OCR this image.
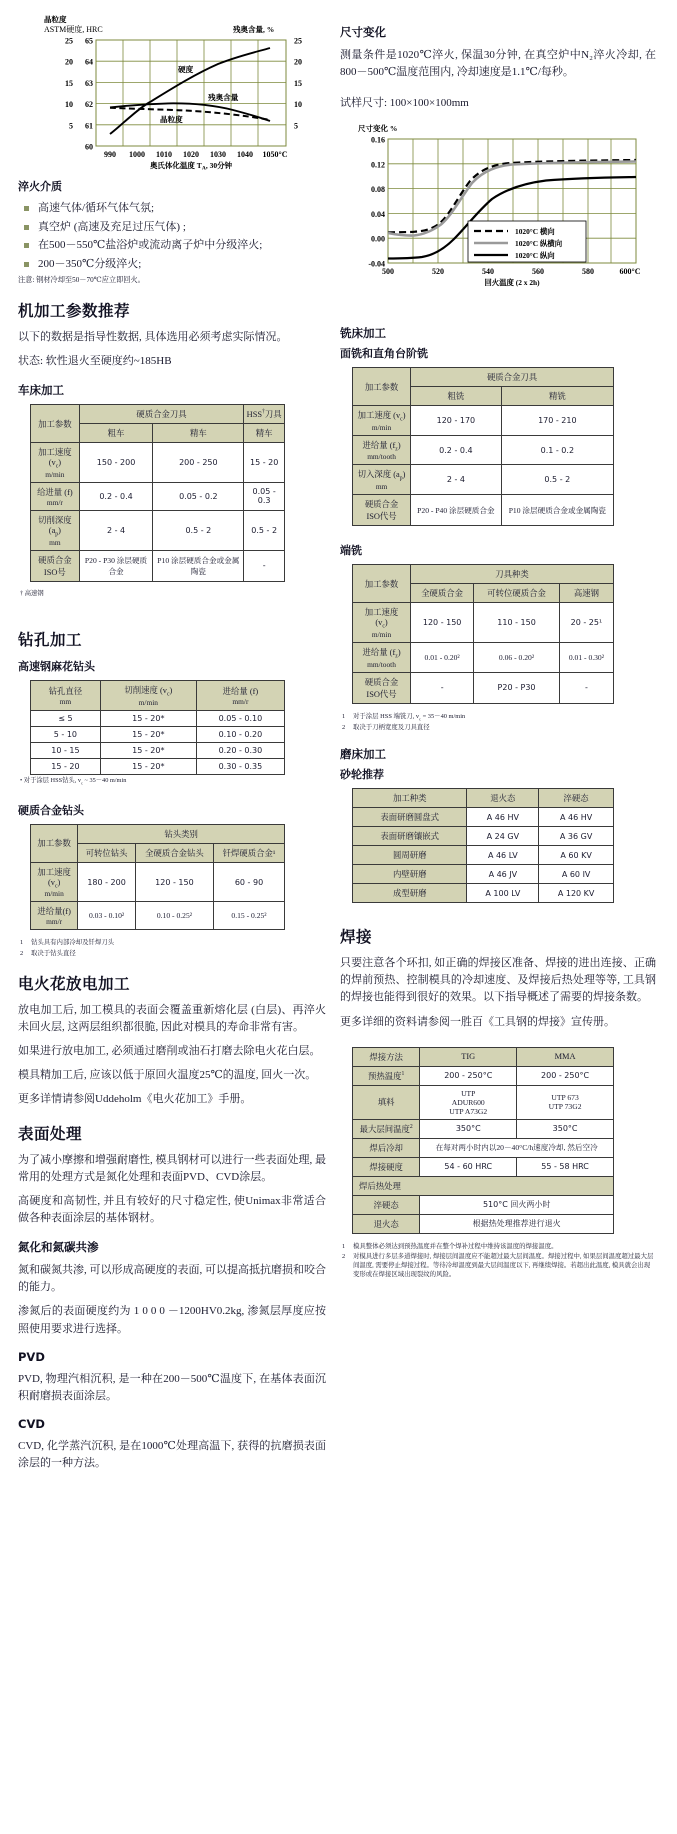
晶粒度
ASTM硬度, HRC	残奥含量, %
65
64
63
62
61
60
25
20
15
10
5
25
20
15
10
5
硬度
残奥含量
晶粒度
990 1000 1010 1020 1030 1040 1050°C
奥氏体化温度 $T_A$, 30分钟
淬火介质
高速气体/循环气体气氛;
真空炉 (高速及充足过压气体) ;
在500－550℃盐浴炉或流动离子炉中分级淬火;
200－350℃分级淬火;

注意: 钢材冷却至50－70℃应立即回火。

机加工参数推荐

以下的数据是指导性数据, 具体选用必须考虑实际情况。

状态: 软性退火至硬度约~185HB

车床加工
加工参数	硬质合金刀具		HSS†刀具
	粗车	精车	精车
加工速度
$(v_c)$
m/min	150 - 200	200 - 250	15 - 20
给进量 (f)
mm/r	0.2 - 0.4	0.05 - 0.2	0.05 - 0.3
切削深度 $(a_p)$
mm	2 - 4	0.5 - 2	0.5 - 2
硬质合金
ISO号	P20 - P30 涂层硬质合金	P10 涂层硬质合金或金属陶瓷	-

† 高速钢

钻孔加工
高速钢麻花钻头
钻孔直径
mm	切削速度 $(v_c)$
m/min	进给量 (f)
mm/r
≤ 5	15 - 20*	0.05 - 0.10
5 - 10	15 - 20*	0.10 - 0.20
10 - 15	15 - 20*	0.20 - 0.30
15 - 20	15 - 20*	0.30 - 0.35

• 对于涂层 HSS钻头, $v_c$ ~ 35－40 m/min

硬质合金钻头
加工参数	钻头类别		
	可转位钻头	全硬质合金钻头	钎焊硬质合金¹
加工速度
$(v_c)$
m/min	180 - 200	120 - 150	60 - 90
进给量(f)
mm/r	0.03 - 0.10²	0.10 - 0.25²	0.15 - 0.25²
1	钻头具有内部冷却及钎焊刀头
2	取决于钻头直径
电火花放电加工

放电加工后, 加工模具的表面会覆盖重新熔化层 (白层)、再淬火未回火层, 这两层组织都很脆, 因此对模具的寿命非常有害。

如果进行放电加工, 必须通过磨削或油石打磨去除电火花白层。

模具精加工后, 应该以低于原回火温度25℃的温度, 回火一次。

更多详情请参阅Uddeholm《电火花加工》手册。

表面处理

为了减小摩擦和增强耐磨性, 模具钢材可以进行一些表面处理, 最常用的处理方式是氮化处理和表面PVD、CVD涂层。

高硬度和高韧性, 并且有较好的尺寸稳定性, 使Unimax非常适合做各种表面涂层的基体钢材。

氮化和氮碳共渗

氮和碳氮共渗, 可以形成高硬度的表面, 可以提高抵抗磨损和咬合的能力。

渗氮后的表面硬度约为 1 0 0 0 －1200HV0.2kg, 渗氮层厚度应按照使用要求进行选择。

PVD

PVD, 物理汽相沉积, 是一种在200－500℃温度下, 在基体表面沉积耐磨损表面涂层。

CVD

CVD, 化学蒸汽沉积, 是在1000℃处理高温下, 获得的抗磨损表面涂层的一种方法。

尺寸变化

测量条件是1020℃淬火, 保温30分钟, 在真空炉中N₂淬火冷却, 在800－500℃温度范围内, 冷却速度是1.1℃/每秒。

试样尺寸: 100×100×100mm

尺寸变化 %
0.16
0.12
0.08
0.04
0.00
-0.04
1020°C 横向
1020°C 纵横向
1020°C 纵向
500	520	540	560	580	600°C
回火温度 (2 x 2h)
铣床加工
面铣和直角台阶铣
加工参数	硬质合金刀具	
	粗铣	精铣
加工速度 $(v_c)$
m/min	120 - 170	170 - 210
进给量 $(f_z)$
mm/tooth	0.2 - 0.4	0.1 - 0.2
切入深度 $(a_p)$
mm	2 - 4	0.5 - 2
硬质合金
ISO代号	P20 - P40 涂层硬质合金	P10 涂层硬质合金或金属陶瓷
端铣
加工参数	刀具种类		
	全硬质合金	可转位硬质合金	高速钢
加工速度
$(v_c)$
m/min	120 - 150	110 - 150	20 - 25¹
进给量 $(f_z)$
mm/tooth	0.01 - 0.20²	0.06 - 0.20²	0.01 - 0.30²
硬质合金
ISO代号	-	P20 - P30	-
1	对于涂层 HSS 端铣刀, $v_c = 35-40$ m/min
2	取决于刀柄宽度及刀具直径
磨床加工
砂轮推荐
加工种类	退火态	淬硬态
表面研磨圆盘式	A 46 HV	A 46 HV
表面研磨镶嵌式	A 24 GV	A 36 GV
圆周研磨	A 46 LV	A 60 KV
内壁研磨	A 46 JV	A 60 IV
成型研磨	A 100 LV	A 120 KV
焊接

只要注意各个环扣, 如正确的焊接区准备、焊接的进出连接、正确的焊前预热、控制模具的冷却速度、及焊接后热处理等等, 工具钢的焊接也能得到很好的效果。以下指导概述了需要的焊接条数。

更多详细的资料请参阅一胜百《工具钢的焊接》宣传册。

焊接方法	TIG	MMA
预热温度$^1$	200 - 250°C	200 - 250°C
填料	UTP
ADUR600
UTP A73G2	UTP 673
UTP 73G2
最大层间温度$^2$	350°C	350°C
焊后冷却	在每对两小时内以20－40°C/h速度冷却, 然后空冷	
焊接硬度	54 - 60 HRC	55 - 58 HRC
焊后热处理		
淬硬态	510°C 回火两小时	
退火态	根据热处理推荐进行退火	
1	模具整体必须达到预热温度并在整个焊补过程中维持该温度的焊接温度。
2	对模具进行多层多道焊接时, 焊接层间温度应不能超过最大层间温度。焊接过程中, 如果层间温度超过最大层间温度, 需要停止焊接过程。等待冷却温度到最大层间温度以下, 再继续焊接。若超出此温度, 模具就会出现变形或在焊接区域出现裂纹的风险。
